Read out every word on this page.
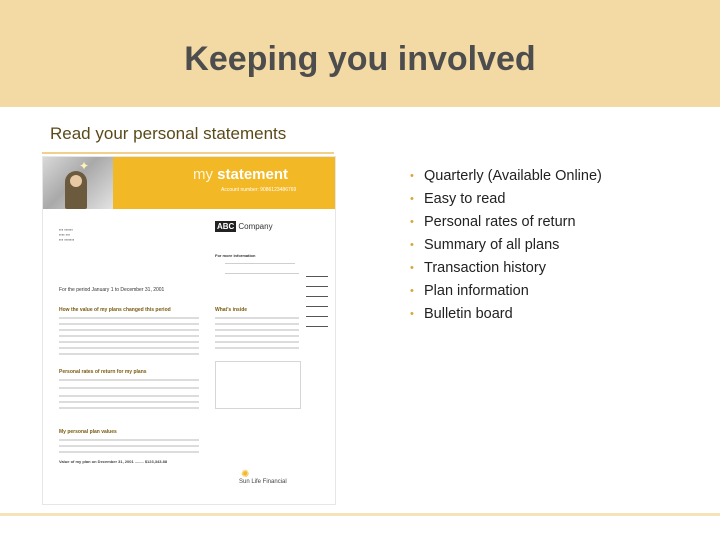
Keeping you involved
Read your personal statements
✦	my statement
Account number: 9086123486769
▪▪▪ ▪▪▪▪▪▪
▪▪▪▪ ▪▪▪
▪▪▪ ▪▪▪▪▪▪▪
ABC Company
For more information
For the period January 1 to December 31, 2001
How the value of my plans changed this period	What's inside
Personal rates of return for my plans
My personal plan values
Value of my plan on December 31, 2001 ........ $123,343.88
✺
Sun Life Financial
• Quarterly (Available Online)
• Easy to read
• Personal rates of return
• Summary of all plans
• Transaction history
• Plan information
• Bulletin board
